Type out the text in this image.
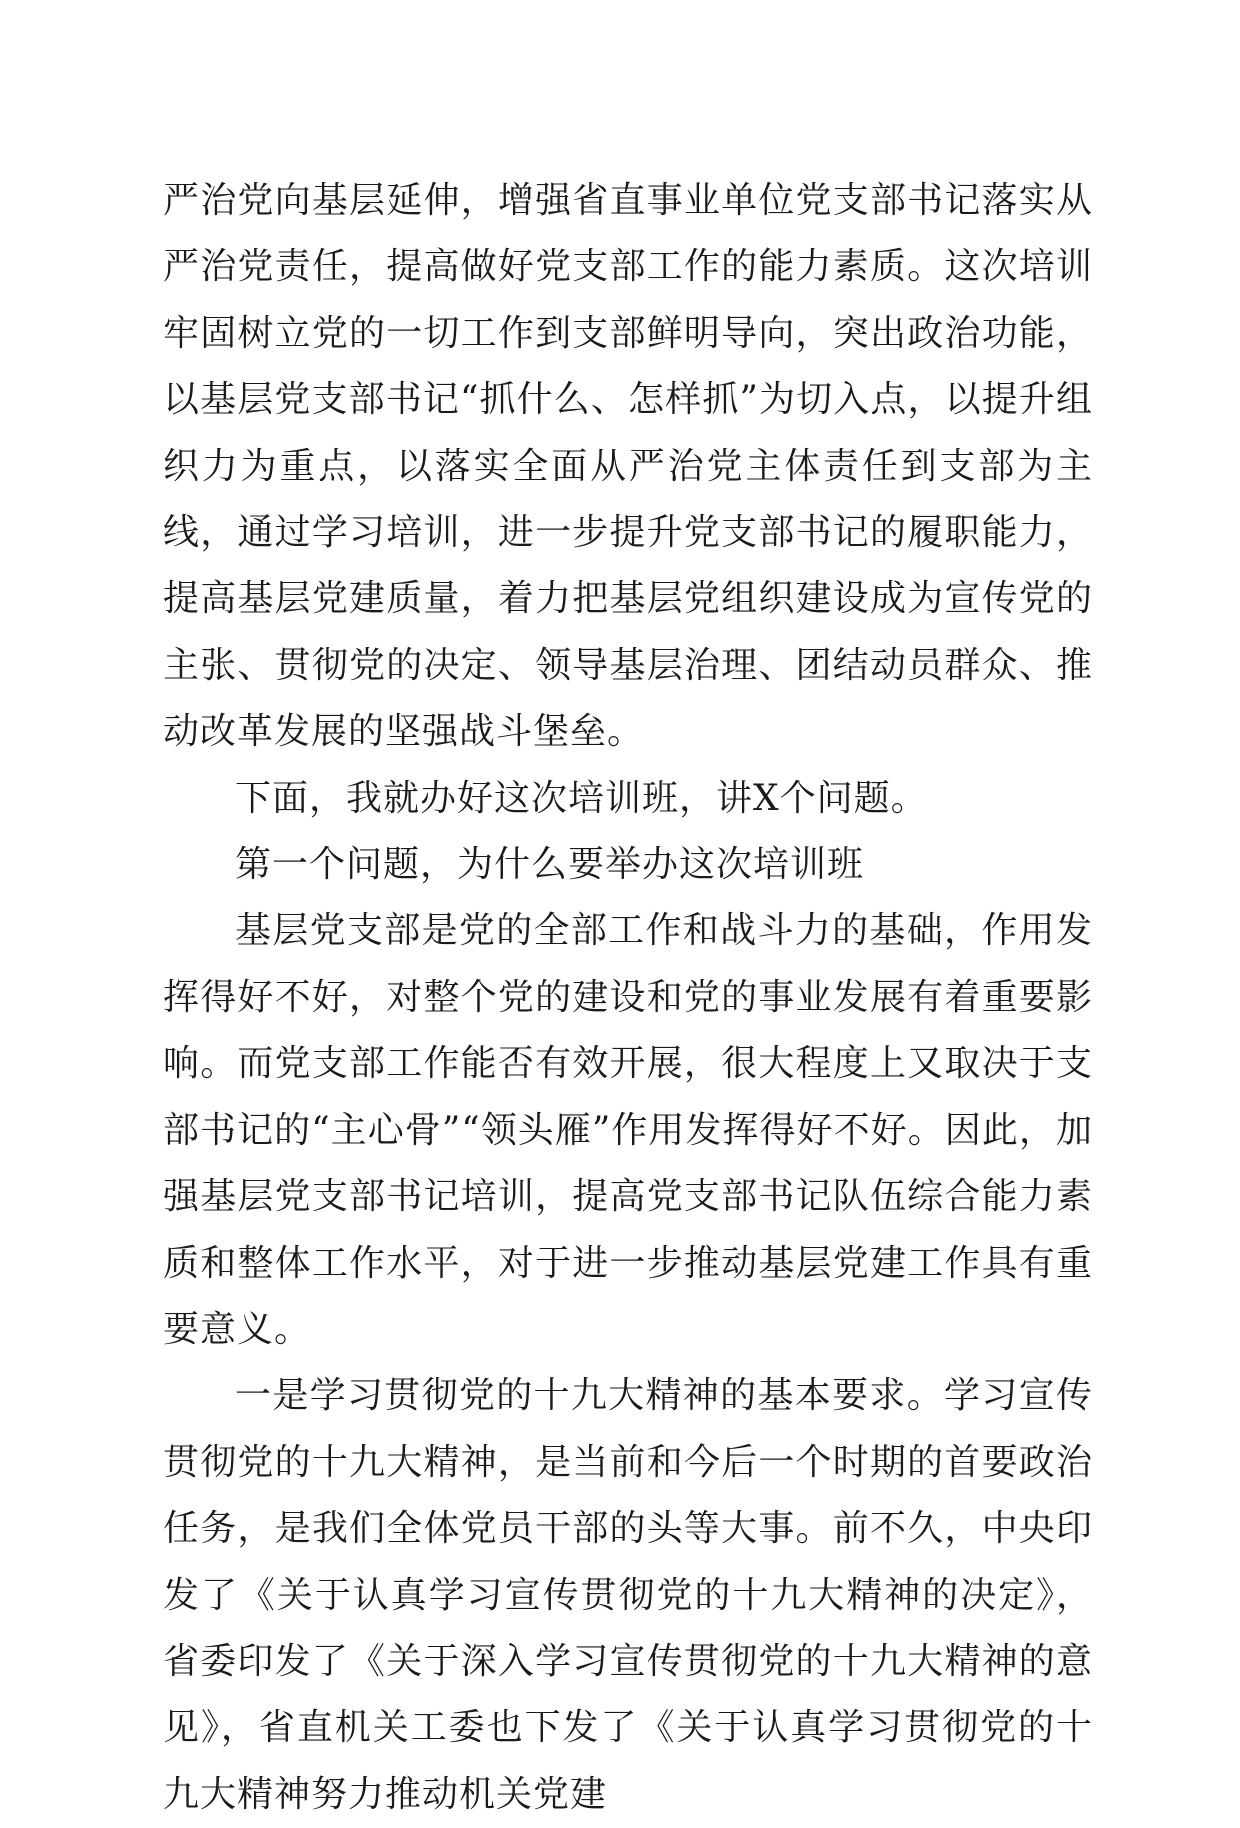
严治党向基层延伸，增强省直事业单位党支部书记落实从严治党责任，提高做好党支部工作的能力素质。这次培训牢固树立党的一切工作到支部鲜明导向，突出政治功能，以基层党支部书记“抓什么、怎样抓”为切入点，以提升组织力为重点，以落实全面从严治党主体责任到支部为主线，通过学习培训，进一步提升党支部书记的履职能力，提高基层党建质量，着力把基层党组织建设成为宣传党的主张、贯彻党的决定、领导基层治理、团结动员群众、推动改革发展的坚强战斗堡垒。

下面，我就办好这次培训班，讲X个问题。

第一个问题，为什么要举办这次培训班

基层党支部是党的全部工作和战斗力的基础，作用发挥得好不好，对整个党的建设和党的事业发展有着重要影响。而党支部工作能否有效开展，很大程度上又取决于支部书记的“主心骨”“领头雁”作用发挥得好不好。因此，加强基层党支部书记培训，提高党支部书记队伍综合能力素质和整体工作水平，对于进一步推动基层党建工作具有重要意义。

一是学习贯彻党的十九大精神的基本要求。学习宣传贯彻党的十九大精神，是当前和今后一个时期的首要政治任务，是我们全体党员干部的头等大事。前不久，中央印发了《关于认真学习宣传贯彻党的十九大精神的决定》，省委印发了《关于深入学习宣传贯彻党的十九大精神的意见》，省直机关工委也下发了《关于认真学习贯彻党的十九大精神努力推动机关党建
